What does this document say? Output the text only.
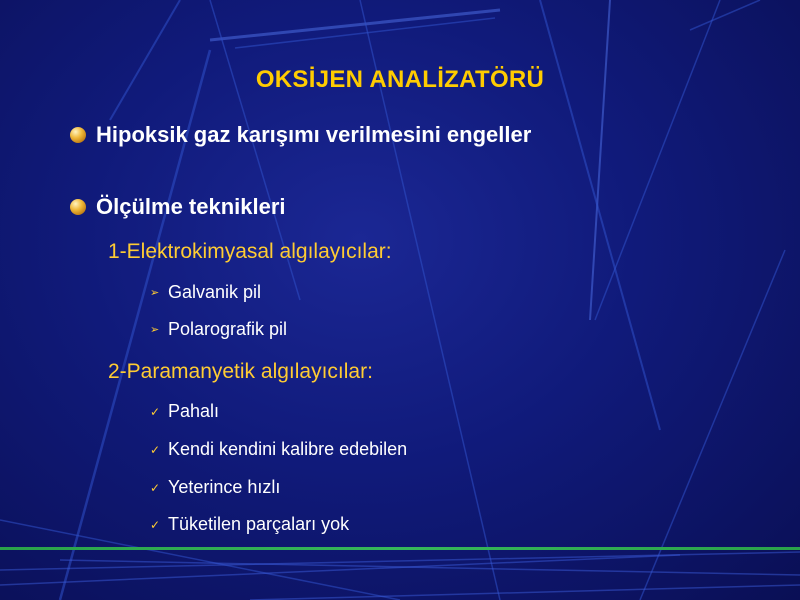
OKSİJEN ANALİZATÖRÜ
Hipoksik gaz karışımı verilmesini engeller
Ölçülme teknikleri
1-Elektrokimyasal algılayıcılar:
➢ Galvanik pil
➢ Polarografik pil
2-Paramanyetik algılayıcılar:
✓ Pahalı
✓ Kendi kendini kalibre edebilen
✓ Yeterince hızlı
✓ Tüketilen parçaları yok
